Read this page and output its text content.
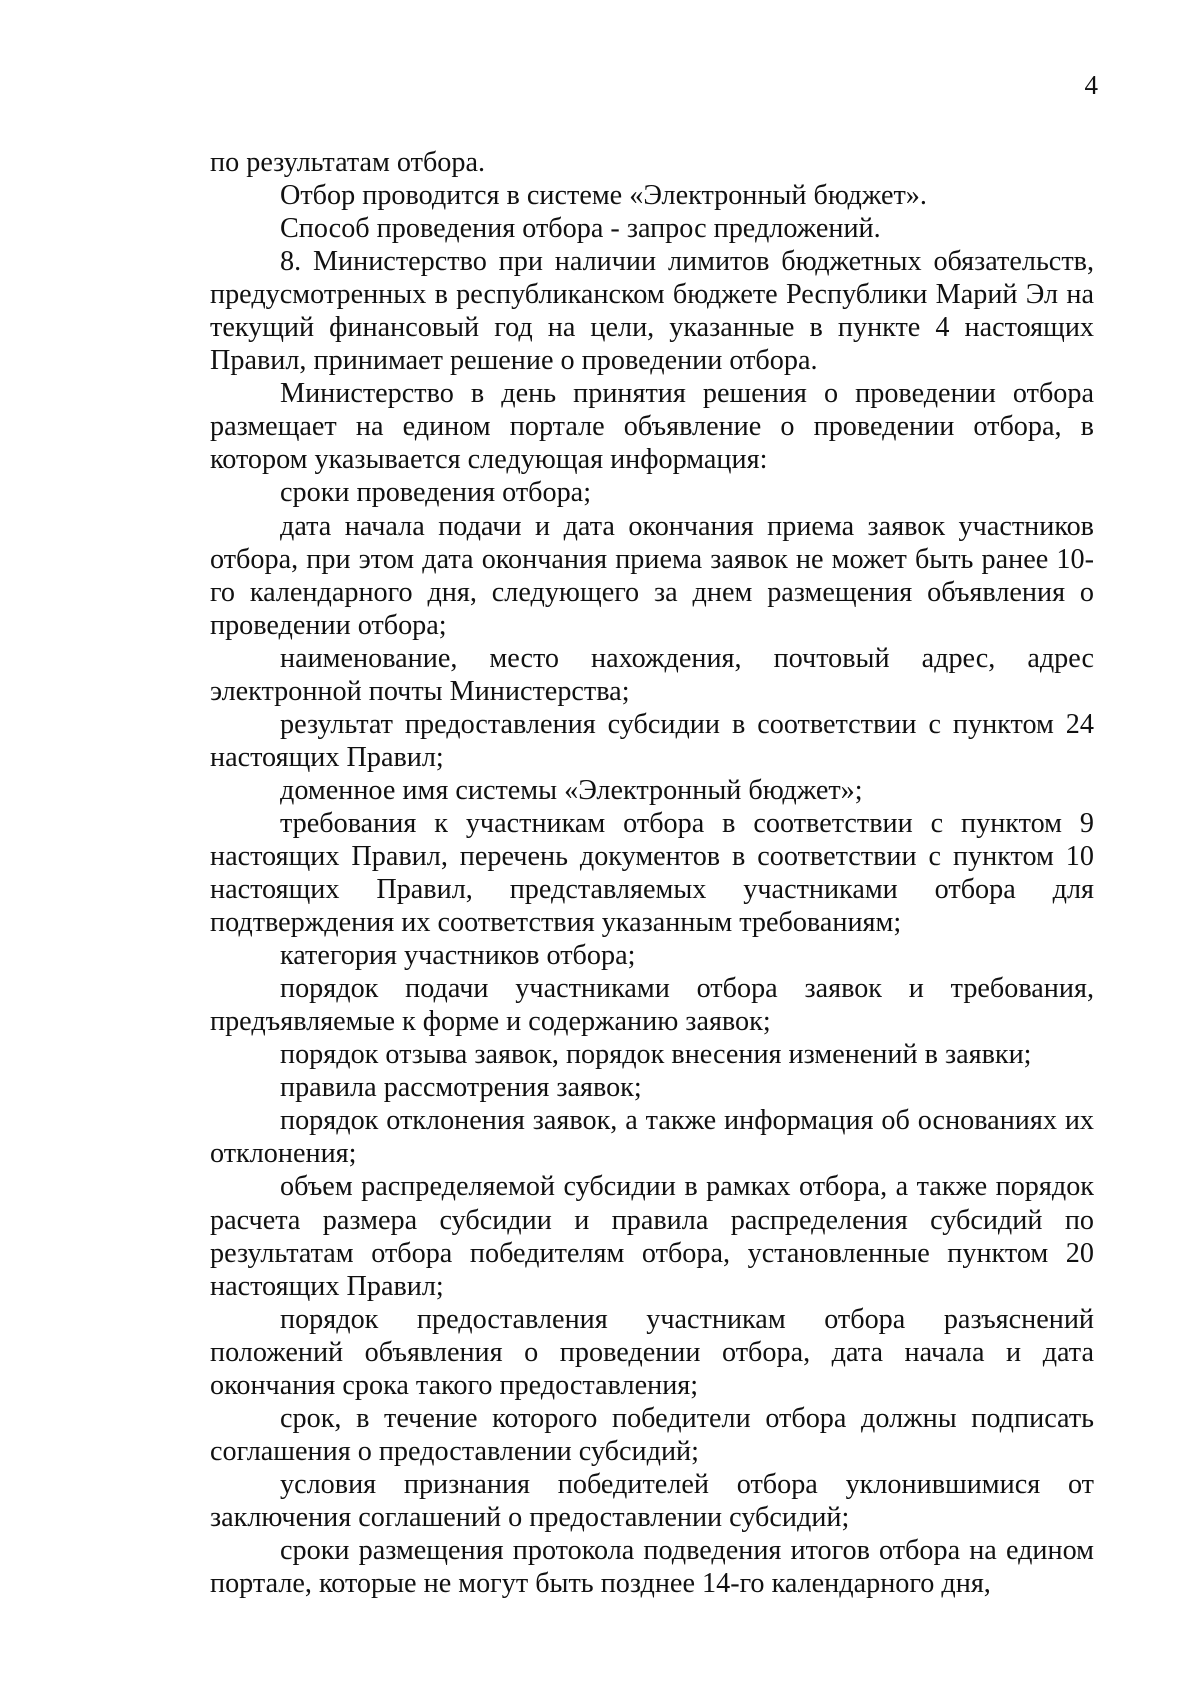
4

по результатам отбора.

Отбор проводится в системе «Электронный бюджет».

Способ проведения отбора - запрос предложений.

8. Министерство при наличии лимитов бюджетных обязательств, предусмотренных в республиканском бюджете Республики Марий Эл на текущий финансовый год на цели, указанные в пункте 4 настоящих Правил, принимает решение о проведении отбора.

Министерство в день принятия решения о проведении отбора размещает на едином портале объявление о проведении отбора, в котором указывается следующая информация:

сроки проведения отбора;

дата начала подачи и дата окончания приема заявок участников отбора, при этом дата окончания приема заявок не может быть ранее 10-го календарного дня, следующего за днем размещения объявления о проведении отбора;

наименование, место нахождения, почтовый адрес, адрес электронной почты Министерства;

результат предоставления субсидии в соответствии с пунктом 24 настоящих Правил;

доменное имя системы «Электронный бюджет»;

требования к участникам отбора в соответствии с пунктом 9 настоящих Правил, перечень документов в соответствии с пунктом 10 настоящих Правил, представляемых участниками отбора для подтверждения их соответствия указанным требованиям;

категория участников отбора;

порядок подачи участниками отбора заявок и требования, предъявляемые к форме и содержанию заявок;

порядок отзыва заявок, порядок внесения изменений в заявки;

правила рассмотрения заявок;

порядок отклонения заявок, а также информация об основаниях их отклонения;

объем распределяемой субсидии в рамках отбора, а также порядок расчета размера субсидии и правила распределения субсидий по результатам отбора победителям отбора, установленные пунктом 20 настоящих Правил;

порядок предоставления участникам отбора разъяснений положений объявления о проведении отбора, дата начала и дата окончания срока такого предоставления;

срок, в течение которого победители отбора должны подписать соглашения о предоставлении субсидий;

условия признания победителей отбора уклонившимися от заключения соглашений о предоставлении субсидий;

сроки размещения протокола подведения итогов отбора на едином портале, которые не могут быть позднее 14-го календарного дня,
